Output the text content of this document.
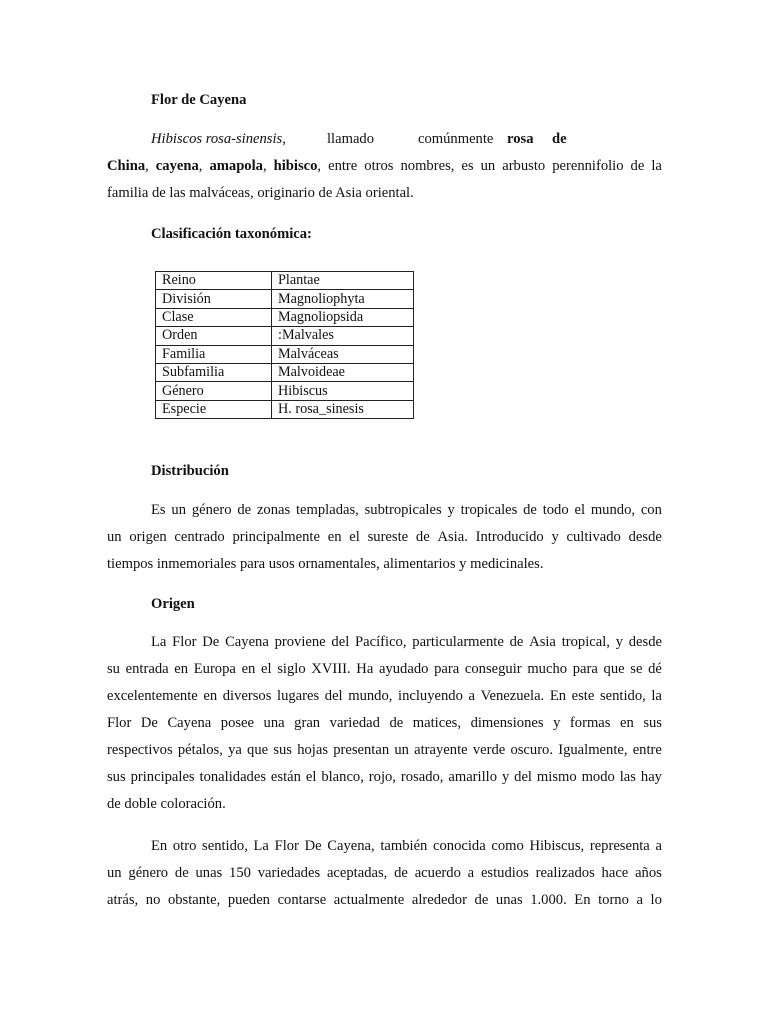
Flor de Cayena
Hibiscos rosa-sinensis,	llamado	comúnmente rosa de
China, cayena, amapola, hibisco, entre otros nombres, es un arbusto perennifolio de la
familia de las malváceas, originario de Asia oriental.
Clasificación taxonómica:
Reino	Plantae
División	Magnoliophyta
Clase	Magnoliopsida
Orden	:Malvales
Familia	Malváceas
Subfamilia	Malvoideae
Género	Hibiscus
Especie	H. rosa_sinesis
Distribución
Es un género de zonas templadas, subtropicales y tropicales de todo el mundo, con
un origen centrado principalmente en el sureste de Asia. Introducido y cultivado desde
tiempos inmemoriales para usos ornamentales, alimentarios y medicinales.
Origen
La Flor De Cayena proviene del Pacífico, particularmente de Asia tropical, y desde
su entrada en Europa en el siglo XVIII. Ha ayudado para conseguir mucho para que se dé
excelentemente en diversos lugares del mundo, incluyendo a Venezuela. En este sentido, la
Flor De Cayena posee una gran variedad de matices, dimensiones y formas en sus
respectivos pétalos, ya que sus hojas presentan un atrayente verde oscuro. Igualmente, entre
sus principales tonalidades están el blanco, rojo, rosado, amarillo y del mismo modo las hay
de doble coloración.
En otro sentido, La Flor De Cayena, también conocida como Hibiscus, representa a
un género de unas 150 variedades aceptadas, de acuerdo a estudios realizados hace años
atrás, no obstante, pueden contarse actualmente alrededor de unas 1.000. En torno a lo
